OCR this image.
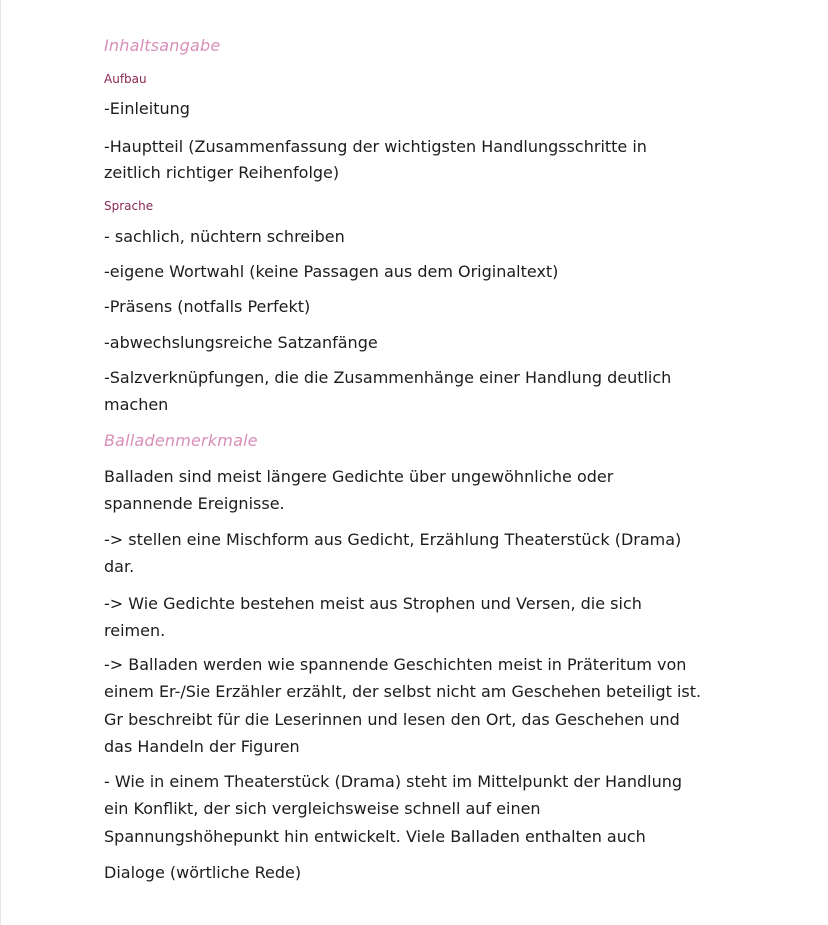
Inhaltsangabe
Aufbau
-Einleitung
-Hauptteil (Zusammenfassung der wichtigsten Handlungsschritte in
zeitlich richtiger Reihenfolge)
Sprache
- sachlich, nüchtern schreiben
-eigene Wortwahl (keine Passagen aus dem Originaltext)
-Präsens (notfalls Perfekt)
-abwechslungsreiche Satzanfänge
-Salzverknüpfungen, die die Zusammenhänge einer Handlung deutlich
machen
Balladenmerkmale
Balladen sind meist längere Gedichte über ungewöhnliche oder
spannende Ereignisse.
-> stellen eine Mischform aus Gedicht, Erzählung Theaterstück (Drama)
dar.
-> Wie Gedichte bestehen meist aus Strophen und Versen, die sich
reimen.
-> Balladen werden wie spannende Geschichten meist in Präteritum von
einem Er-/Sie Erzähler erzählt, der selbst nicht am Geschehen beteiligt ist.
Gr beschreibt für die Leserinnen und lesen den Ort, das Geschehen und
das Handeln der Figuren
- Wie in einem Theaterstück (Drama) steht im Mittelpunkt der Handlung
ein Konflikt, der sich vergleichsweise schnell auf einen
Spannungshöhepunkt hin entwickelt. Viele Balladen enthalten auch
Dialoge (wörtliche Rede)
